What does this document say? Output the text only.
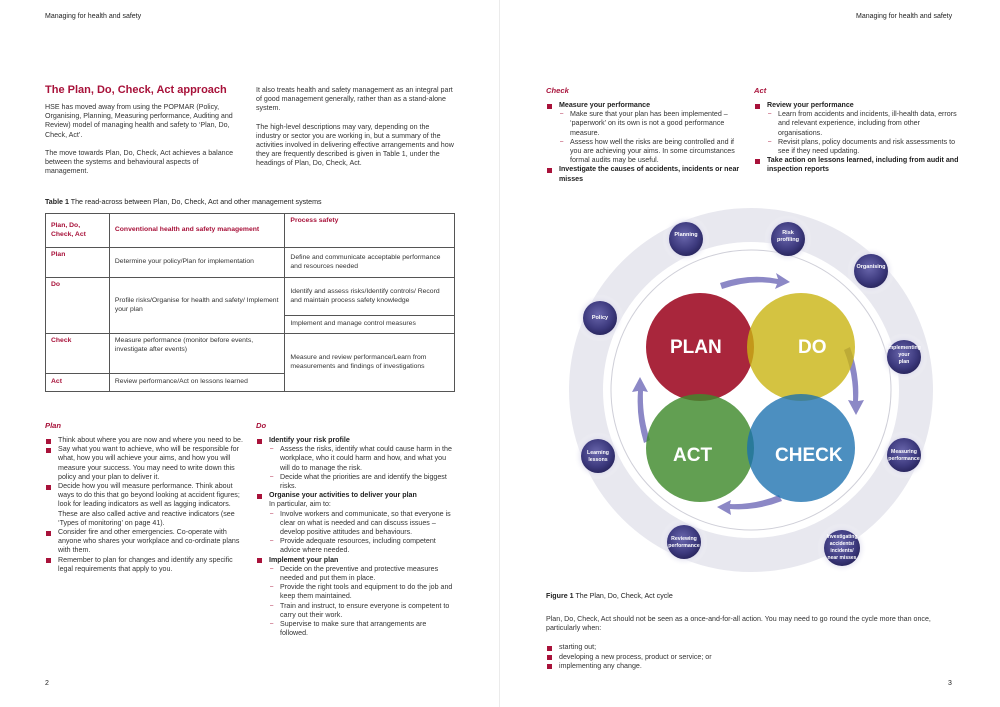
Managing for health and safety
The Plan, Do, Check, Act approach

HSE has moved away from using the POPMAR (Policy, Organising, Planning, Measuring performance, Auditing and Review) model of managing health and safety to ‘Plan, Do, Check, Act’.

The move towards Plan, Do, Check, Act achieves a balance between the systems and behavioural aspects of management.

It also treats health and safety management as an integral part of good management generally, rather than as a stand-alone system.

The high-level descriptions may vary, depending on the industry or sector you are working in, but a summary of the activities involved in delivering effective arrangements and how they are frequently described is given in Table 1, under the headings of Plan, Do, Check, Act.

Table 1 The read-across between Plan, Do, Check, Act and other management systems
Plan, Do, Check, Act	Conventional health and safety management	Process safety
Plan	Determine your policy/Plan for implementation	Define and communicate acceptable performance and resources needed
Do	Profile risks/Organise for health and safety/ Implement your plan	Identify and assess risks/Identify controls/ Record and maintain process safety knowledge
		Implement and manage control measures
Check	Measure performance (monitor before events, investigate after events)	Measure and review performance/Learn from measurements and findings of investigations
Act	Review performance/Act on lessons learned	
Plan
Think about where you are now and where you need to be.
Say what you want to achieve, who will be responsible for what, how you will achieve your aims, and how you will measure your success. You may need to write down this policy and your plan to deliver it.
Decide how you will measure performance. Think about ways to do this that go beyond looking at accident figures; look for leading indicators as well as lagging indicators. These are also called active and reactive indicators (see ‘Types of monitoring’ on page 41).
Consider fire and other emergencies. Co-operate with anyone who shares your workplace and co-ordinate plans with them.
Remember to plan for changes and identify any specific legal requirements that apply to you.
Do
Identify your risk profile
– Assess the risks, identify what could cause harm in the workplace, who it could harm and how, and what you will do to manage the risk.
– Decide what the priorities are and identify the biggest risks.
Organise your activities to deliver your plan
In particular, aim to:
– Involve workers and communicate, so that everyone is clear on what is needed and can discuss issues – develop positive attitudes and behaviours.
– Provide adequate resources, including competent advice where needed.
Implement your plan
– Decide on the preventive and protective measures needed and put them in place.
– Provide the right tools and equipment to do the job and keep them maintained.
– Train and instruct, to ensure everyone is competent to carry out their work.
– Supervise to make sure that arrangements are followed.
2
Managing for health and safety
Check
Measure your performance
– Make sure that your plan has been implemented – ‘paperwork’ on its own is not a good performance measure.
– Assess how well the risks are being controlled and if you are achieving your aims. In some circumstances formal audits may be useful.
Investigate the causes of accidents, incidents or near misses
Act
Review your performance
– Learn from accidents and incidents, ill-health data, errors and relevant experience, including from other organisations.
– Revisit plans, policy documents and risk assessments to see if they need updating.
Take action on lessons learned, including from audit and inspection reports
PLAN	DO
ACT	CHECK
Planning	Risk
profiling
Organising
Implementing
your
plan
Measuring
performance
Investigating
accidents/
incidents/
near misses
Reviewing
performance
Learning
lessons
Policy
Figure 1 The Plan, Do, Check, Act cycle

Plan, Do, Check, Act should not be seen as a once-and-for-all action. You may need to go round the cycle more than once, particularly when:

starting out;
developing a new process, product or service; or
implementing any change.
3
